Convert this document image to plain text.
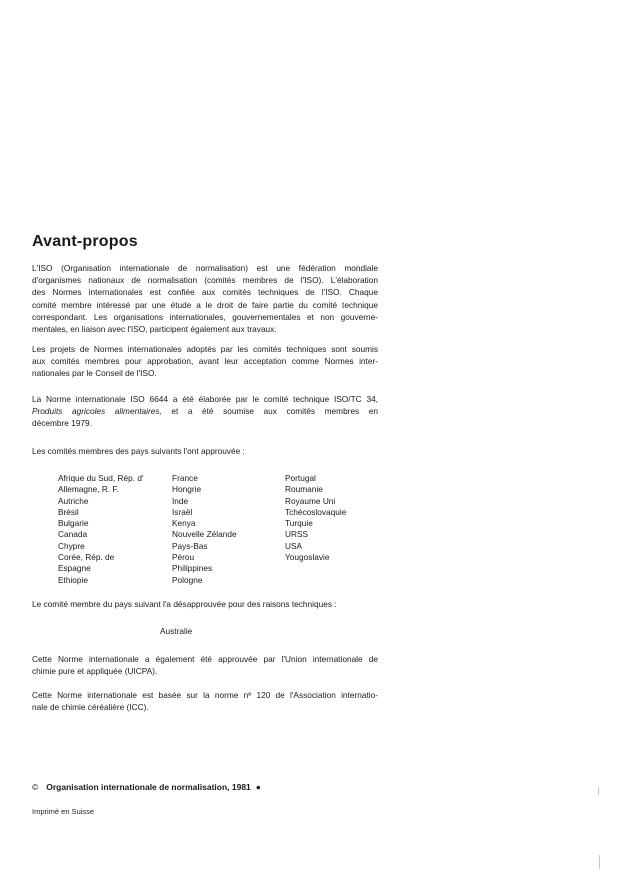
Avant-propos

L'ISO (Organisation internationale de normalisation) est une fédération mondiale
d'organismes nationaux de normalisation (comités membres de l'ISO). L'élaboration
des Normes internationales est confiée aux comités techniques de l'ISO. Chaque
comité membre intéressé par une étude a le droit de faire partie du comité technique
correspondant. Les organisations internationales, gouvernementales et non gouverne-
mentales, en liaison avec l'ISO, participent également aux travaux.

Les projets de Normes internationales adoptés par les comités techniques sont soumis
aux comités membres pour approbation, avant leur acceptation comme Normes inter-
nationales par le Conseil de l'ISO.

La Norme internationale ISO 6644 a été élaborée par le comité technique ISO/TC 34,
Produits agricoles alimentaires, et a été soumise aux comités membres en
décembre 1979.

Les comités membres des pays suivants l'ont approuvée :

Afrique du Sud, Rép. d'
Allemagne, R. F.
Autriche
Brésil
Bulgarie
Canada
Chypre
Corée, Rép. de
Espagne
Ethiopie
France
Hongrie
Inde
Israël
Kenya
Nouvelle Zélande
Pays-Bas
Pérou
Philippines
Pologne
Portugal
Roumanie
Royaume Uni
Tchécoslovaquie
Turquie
URSS
USA
Yougoslavie

Le comité membre du pays suivant l'a désapprouvée pour des raisons techniques :

Australie

Cette Norme internationale a également été approuvée par l'Union internationale de
chimie pure et appliquée (UICPA).

Cette Norme internationale est basée sur la norme nº 120 de l'Association internatio-
nale de chimie céréalière (ICC).

© Organisation internationale de normalisation, 1981 ●
Imprimé en Suisse
